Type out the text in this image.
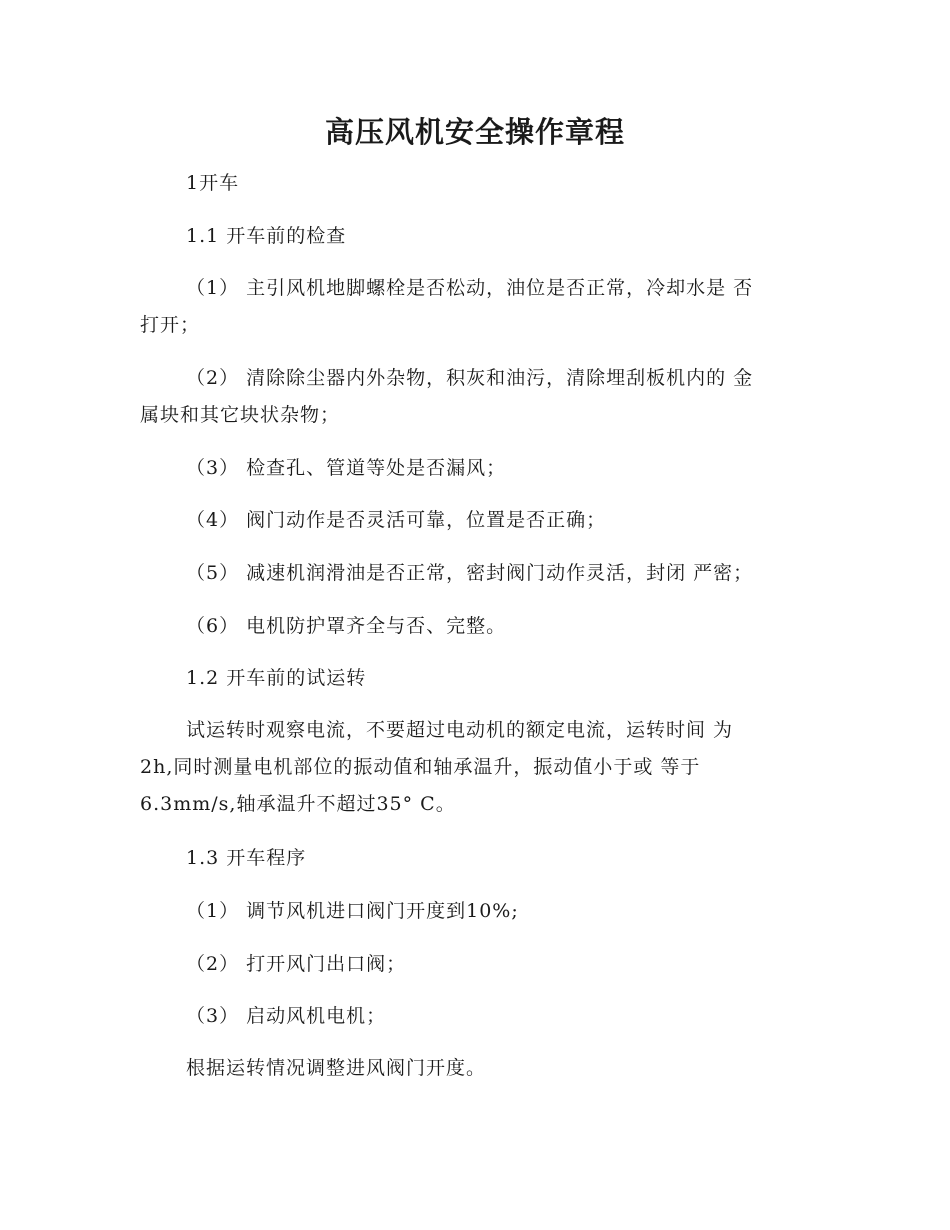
高压风机安全操作章程
1开车
1.1 开车前的检查
（1） 主引风机地脚螺栓是否松动，油位是否正常，冷却水是 否
打开；
（2） 清除除尘器内外杂物，积灰和油污，清除埋刮板机内的 金
属块和其它块状杂物；
（3） 检查孔、管道等处是否漏风；
（4） 阀门动作是否灵活可靠，位置是否正确；
（5） 减速机润滑油是否正常，密封阀门动作灵活，封闭 严密；
（6） 电机防护罩齐全与否、完整。
1.2 开车前的试运转
试运转时观察电流，不要超过电动机的额定电流，运转时间 为
2h,同时测量电机部位的振动值和轴承温升，振动值小于或 等于
6.3mm/s,轴承温升不超过35° C。
1.3 开车程序
（1） 调节风机进口阀门开度到10%;
（2） 打开风门出口阀；
（3） 启动风机电机；
根据运转情况调整进风阀门开度。
